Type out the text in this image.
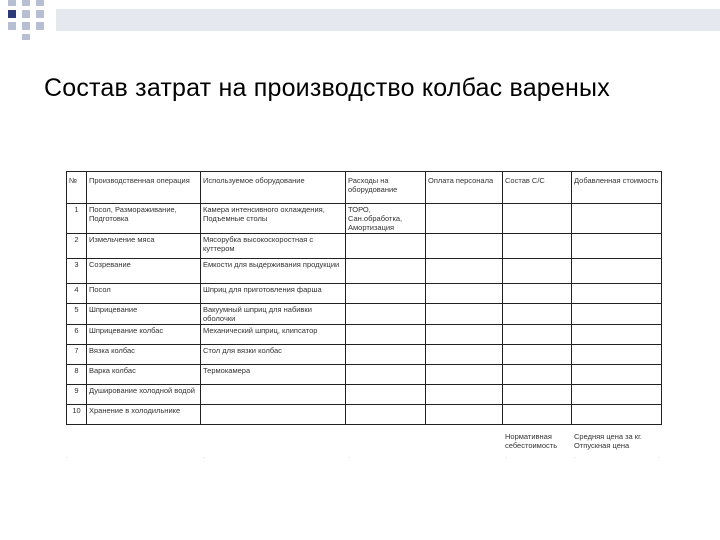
Состав затрат на производство колбас вареных
№	Производственная операция	Используемое оборудование	Расходы на оборудование	Оплата персонала	Состав С/С	Добавленная стоимость
1	Посол, Размораживание, Подготовка	Камера интенсивного охлаждения, Подъемные столы	ТОРО, Сан.обработка, Амортизация			
2	Измельчение мяса	Мясорубка высокоскоростная с куттером				
3	Созревание	Емкости для выдерживания продукции				
4	Посол	Шприц для приготовления фарша				
5	Шприцевание	Вакуумный шприц для набивки оболочки				
6	Шприцевание колбас	Механический шприц, клипсатор				
7	Вязка колбас	Стол для вязки колбас				
8	Варка колбас	Термокамера				
9	Душирование холодной водой					
10	Хранение в холодильнике					
Нормативная себестоимость
Средняя цена за кг. Отпускная цена
·	·	·	·	·	·
